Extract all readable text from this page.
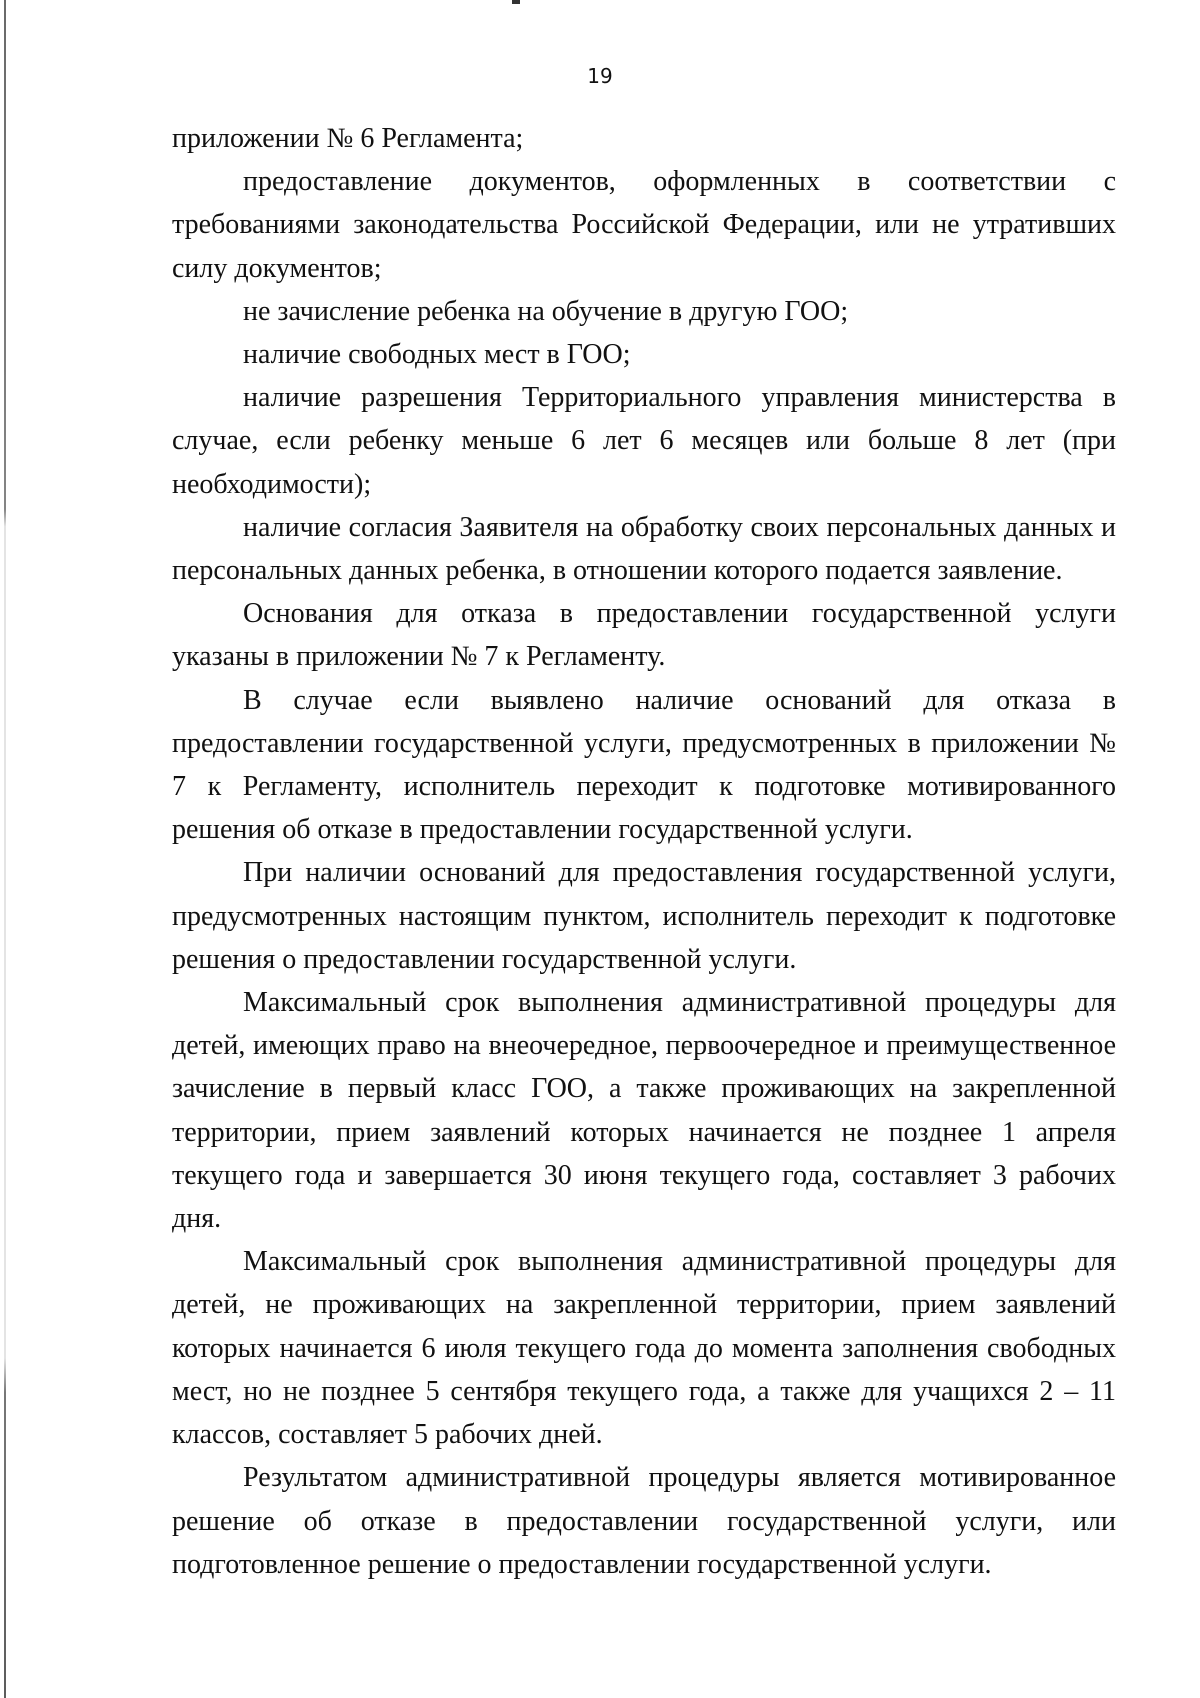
19

приложении № 6 Регламента;

предоставление документов, оформленных в соответствии с требованиями законодательства Российской Федерации, или не утративших силу документов;

не зачисление ребенка на обучение в другую ГОО;

наличие свободных мест в ГОО;

наличие разрешения Территориального управления министерства в случае, если ребенку меньше 6 лет 6 месяцев или больше 8 лет (при необходимости);

наличие согласия Заявителя на обработку своих персональных данных и персональных данных ребенка, в отношении которого подается заявление.

Основания для отказа в предоставлении государственной услуги указаны в приложении № 7 к Регламенту.

В случае если выявлено наличие оснований для отказа в предоставлении государственной услуги, предусмотренных в приложении № 7 к Регламенту, исполнитель переходит к подготовке мотивированного решения об отказе в предоставлении государственной услуги.

При наличии оснований для предоставления государственной услуги, предусмотренных настоящим пунктом, исполнитель переходит к подготовке решения о предоставлении государственной услуги.

Максимальный срок выполнения административной процедуры для детей, имеющих право на внеочередное, первоочередное и преимущественное зачисление в первый класс ГОО, а также проживающих на закрепленной территории, прием заявлений которых начинается не позднее 1 апреля текущего года и завершается 30 июня текущего года, составляет 3 рабочих дня.

Максимальный срок выполнения административной процедуры для детей, не проживающих на закрепленной территории, прием заявлений которых начинается 6 июля текущего года до момента заполнения свободных мест, но не позднее 5 сентября текущего года, а также для учащихся 2 – 11 классов, составляет 5 рабочих дней.

Результатом административной процедуры является мотивированное решение об отказе в предоставлении государственной услуги, или подготовленное решение о предоставлении государственной услуги.
